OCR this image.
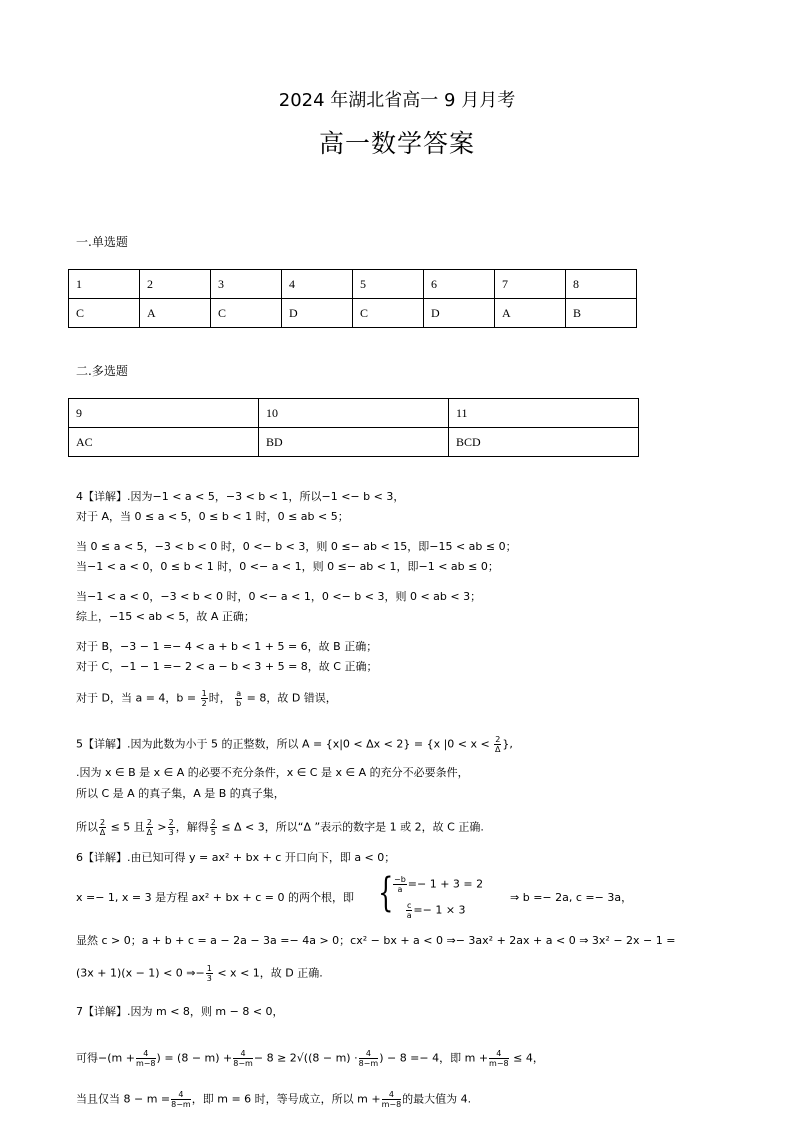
2024 年湖北省高一 9 月月考
高一数学答案
一.单选题
1	2	3	4	5	6	7	8
C	A	C	D	C	D	A	B
二.多选题
9	10	11
AC	BD	BCD
4【详解】.因为−1 < a < 5，−3 < b < 1，所以−1 <− b < 3，
对于 A，当 0 ≤ a < 5，0 ≤ b < 1 时，0 ≤ ab < 5；
当 0 ≤ a < 5，−3 < b < 0 时，0 <− b < 3，则 0 ≤− ab < 15，即−15 < ab ≤ 0；
当−1 < a < 0，0 ≤ b < 1 时，0 <− a < 1，则 0 ≤− ab < 1，即−1 < ab ≤ 0；
当−1 < a < 0，−3 < b < 0 时，0 <− a < 1，0 <− b < 3，则 0 < ab < 3；
综上，−15 < ab < 5，故 A 正确；
对于 B，−3 − 1 =− 4 < a + b < 1 + 5 = 6，故 B 正确；
对于 C，−1 − 1 =− 2 < a − b < 3 + 5 = 8，故 C 正确；
对于 D，当 a = 4，$b = \frac{1}{2}$ 时， $\frac{a}{b} = 8$，故 D 错误，
5【详解】.因为此数为小于 5 的正整数，所以 A = {x|0 < Δx < 2} = {x $|0 < x < \frac{2}{\Delta}$ },
.因为 x ∈ B 是 x ∈ A 的必要不充分条件，x ∈ C 是 x ∈ A 的充分不必要条件，
所以 C 是 A 的真子集，A 是 B 的真子集，
所以 $\frac{2}{\Delta} \le 5$ 且 $\frac{2}{\Delta} > \frac{2}{3}$ ，解得 $\frac{2}{5} \le \Delta < 3$，所以“Δ ”表示的数字是 1 或 2，故 C 正确.
6【详解】.由已知可得 y = ax² + bx + c 开口向下，即 a < 0；
x =− 1, x = 3 是方程 ax² + bx + c = 0 的两个根，即 { $\frac{-b}{a} =- 1 + 3 = 2$
$\frac{c}{a} =- 1 \times 3$
⇒ b =− 2a, c =− 3a，
显然 c > 0；a + b + c = a − 2a − 3a =− 4a > 0；cx² − bx + a < 0 ⇒− 3ax² + 2ax + a < 0 ⇒ 3x² − 2x − 1 =
(3x + 1)(x − 1) < 0 ⇒− $\frac{1}{3} < x < 1$，故 D 正确.
7【详解】.因为 m < 8，则 m − 8 < 0，
可得$-(m + \frac{4}{m-8}$ ) = $(8 - m) + \frac{4}{8-m} - 8 \ge 2√((8 - m) \cdot \frac{4}{8-m}$ ) − 8 =− 4，即 $m + \frac{4}{m-8} \le 4$，
当且仅当 $8 - m = \frac{4}{8-m}$ ，即 m = 6 时，等号成立，所以 $m + \frac{4}{m-8}$ 的最大值为 4.
